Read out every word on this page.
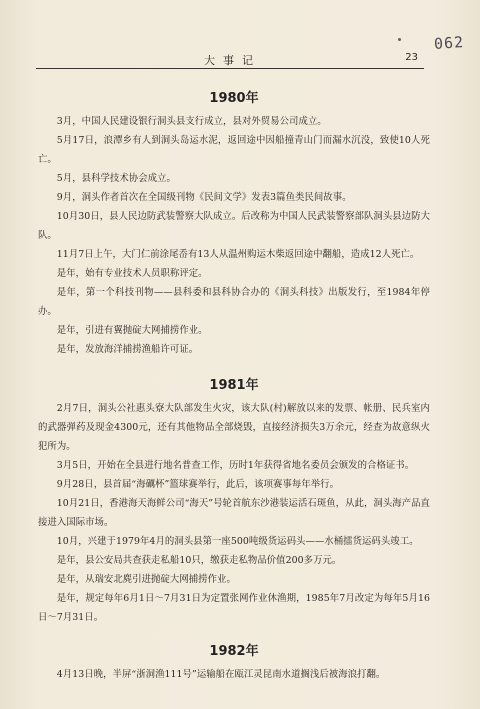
062
大事记	23
1980年

3月，中国人民建设银行洞头县支行成立，县对外贸易公司成立。

5月17日，浪潭乡有人到洞头岛运水泥，返回途中因船撞青山门而漏水沉没，致使10人死亡。

5月，县科学技术协会成立。

9月，洞头作者首次在全国级刊物《民间文学》发表3篇鱼类民间故事。

10月30日，县人民边防武装警察大队成立。后改称为中国人民武装警察部队洞头县边防大队。

11月7日上午，大门仁前涂尾岙有13人从温州购运木柴返回途中翻船，造成12人死亡。

是年，始有专业技术人员职称评定。

是年，第一个科技刊物——县科委和县科协合办的《洞头科技》出版发行，至1984年停办。

是年，引进有翼抛碇大网捕捞作业。

是年，发放海洋捕捞渔船许可证。

1981年

2月7日，洞头公社惠头寮大队部发生火灾，该大队(村)解放以来的发票、帐册、民兵室内的武器弹药及现金4300元，还有其他物品全部烧毁，直接经济损失3万余元，经查为故意纵火犯所为。

3月5日，开始在全县进行地名普查工作，历时1年获得省地名委员会颁发的合格证书。

9月28日，县首届“海礪杯”篮球赛举行，此后，该项赛事每年举行。

10月21日，香港海天海鲜公司“海天”号轮首航东沙港装运活石斑鱼，从此，洞头海产品直接进入国际市场。

10月，兴建于1979年4月的洞头县第一座500吨级货运码头——水桶擂货运码头竣工。

是年，县公安局共查获走私船10只，缴获走私物品价值200多万元。

是年，从瑞安北麂引进抛碇大网捕捞作业。

是年，规定每年6月1日～7月31日为定置张网作业休渔期，1985年7月改定为每年5月16日～7月31日。

1982年

4月13日晚，半屏“浙洞渔111号”运输船在瓯江灵昆南水道搁浅后被海浪打翻。
